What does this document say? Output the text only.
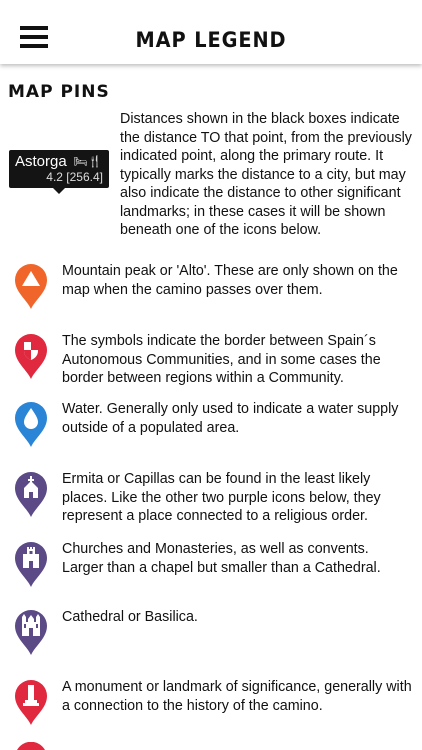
MAP LEGEND
MAP PINS
Astorga 🛏🍴
4.2 [256.4]
Distances shown in the black boxes indicate the distance TO that point, from the previously indicated point, along the primary route. It typically marks the distance to a city, but may also indicate the distance to other significant landmarks; in these cases it will be shown beneath one of the icons below.
Mountain peak or 'Alto'. These are only shown on the map when the camino passes over them.
The symbols indicate the border between Spain´s Autonomous Communities, and in some cases the border between regions within a Community.
Water. Generally only used to indicate a water supply outside of a populated area.
Ermita or Capillas can be found in the least likely places. Like the other two purple icons below, they represent a place connected to a religious order.
Churches and Monasteries, as well as convents. Larger than a chapel but smaller than a Cathedral.
Cathedral or Basilica.
A monument or landmark of significance, generally with a connection to the history of the camino.
